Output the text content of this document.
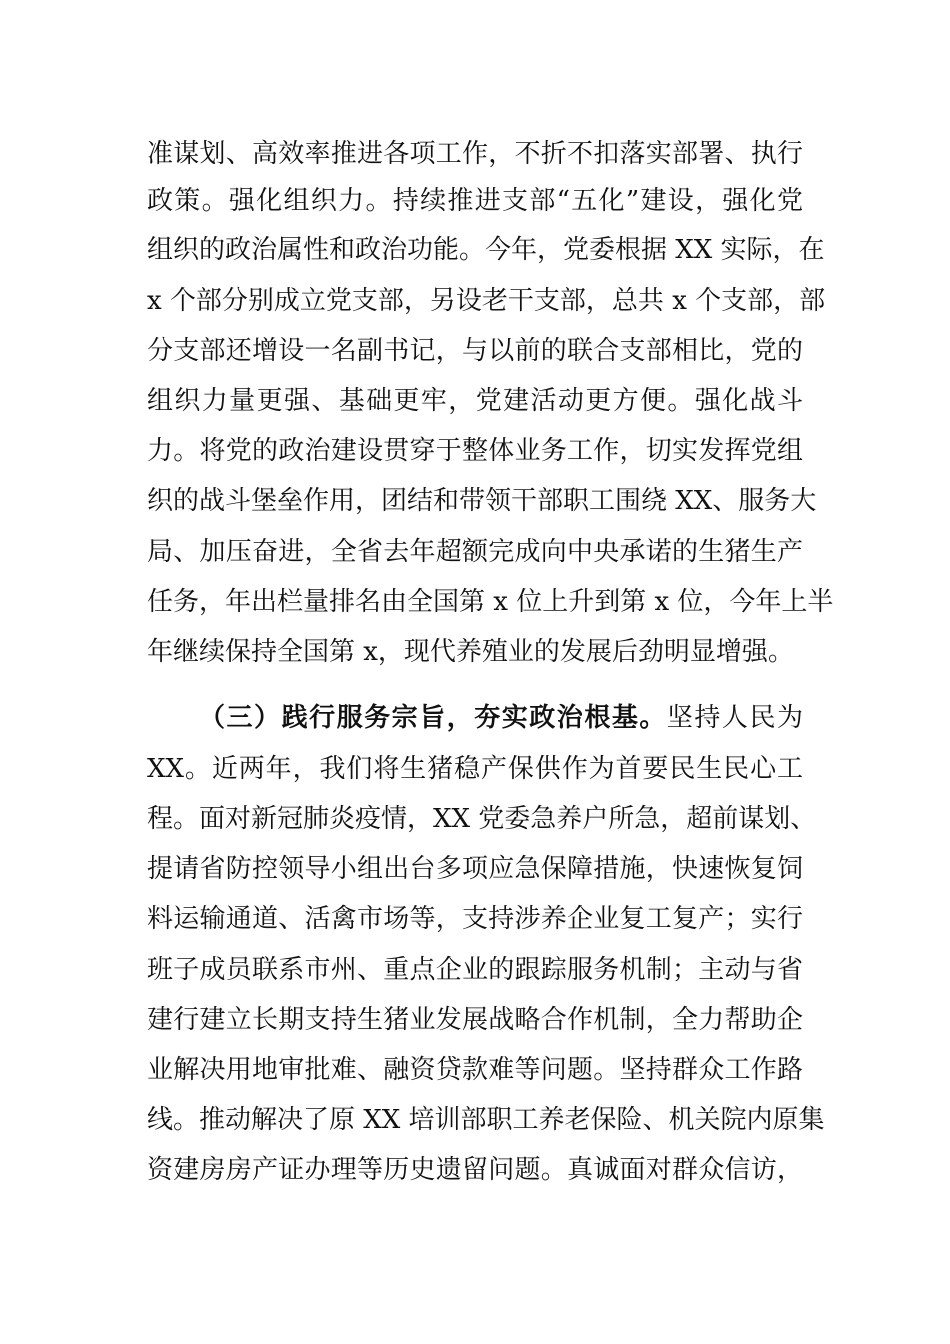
准谋划、高效率推进各项工作，不折不扣落实部署、执行
政策。强化组织力。持续推进支部“五化”建设，强化党
组织的政治属性和政治功能。今年，党委根据 XX 实际，在
x 个部分别成立党支部，另设老干支部，总共 x 个支部，部
分支部还增设一名副书记，与以前的联合支部相比，党的
组织力量更强、基础更牢，党建活动更方便。强化战斗
力。将党的政治建设贯穿于整体业务工作，切实发挥党组
织的战斗堡垒作用，团结和带领干部职工围绕 XX、服务大
局、加压奋进，全省去年超额完成向中央承诺的生猪生产
任务，年出栏量排名由全国第 x 位上升到第 x 位，今年上半
年继续保持全国第 x，现代养殖业的发展后劲明显增强。
（三）践行服务宗旨，夯实政治根基。坚持人民为
XX。近两年，我们将生猪稳产保供作为首要民生民心工
程。面对新冠肺炎疫情，XX 党委急养户所急，超前谋划、
提请省防控领导小组出台多项应急保障措施，快速恢复饲
料运输通道、活禽市场等，支持涉养企业复工复产；实行
班子成员联系市州、重点企业的跟踪服务机制；主动与省
建行建立长期支持生猪业发展战略合作机制，全力帮助企
业解决用地审批难、融资贷款难等问题。坚持群众工作路
线。推动解决了原 XX 培训部职工养老保险、机关院内原集
资建房房产证办理等历史遗留问题。真诚面对群众信访，
